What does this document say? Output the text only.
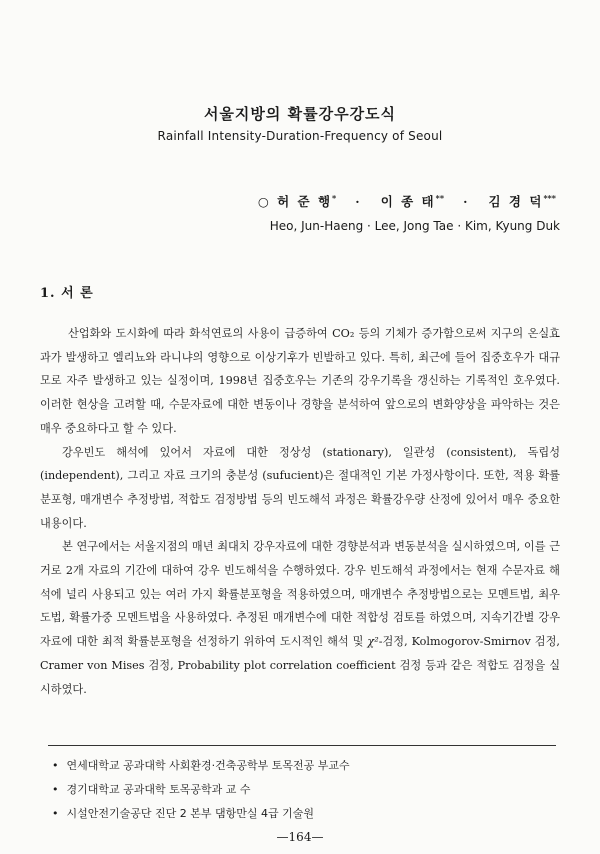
서울지방의 확률강우강도식
Rainfall Intensity-Duration-Frequency of Seoul
○ 허 준 행* · 이 종 태** · 김 경 덕***
Heo, Jun-Haeng · Lee, Jong Tae · Kim, Kyung Duk
1. 서 론

산업화와 도시화에 따라 화석연료의 사용이 급증하여 CO₂ 등의 기체가 증가함으로써 지구의 온실효과가 발생하고 엘리뇨와 라니냐의 영향으로 이상기후가 빈발하고 있다. 특히, 최근에 들어 집중호우가 대규모로 자주 발생하고 있는 실정이며, 1998년 집중호우는 기존의 강우기록을 갱신하는 기록적인 호우였다. 이러한 현상을 고려할 때, 수문자료에 대한 변동이나 경향을 분석하여 앞으로의 변화양상을 파악하는 것은 매우 중요하다고 할 수 있다.

강우빈도 해석에 있어서 자료에 대한 정상성 (stationary), 일관성 (consistent), 독립성 (independent), 그리고 자료 크기의 충분성 (sufucient)은 절대적인 기본 가정사항이다. 또한, 적용 확률분포형, 매개변수 추정방법, 적합도 검정방법 등의 빈도해석 과정은 확률강우량 산정에 있어서 매우 중요한 내용이다.

본 연구에서는 서울지점의 매년 최대치 강우자료에 대한 경향분석과 변동분석을 실시하였으며, 이를 근거로 2개 자료의 기간에 대하여 강우 빈도해석을 수행하였다. 강우 빈도해석 과정에서는 현재 수문자료 해석에 널리 사용되고 있는 여러 가지 확률분포형을 적용하였으며, 매개변수 추정방법으로는 모멘트법, 최우도법, 확률가중 모멘트법을 사용하였다. 추정된 매개변수에 대한 적합성 검토를 하였으며, 지속기간별 강우자료에 대한 최적 확률분포형을 선정하기 위하여 도시적인 해석 및 χ²-검정, Kolmogorov-Smirnov 검정, Cramer von Mises 검정, Probability plot correlation coefficient 검정 등과 같은 적합도 검정을 실시하였다.

• 연세대학교 공과대학 사회환경·건축공학부 토목전공 부교수
• 경기대학교 공과대학 토목공학과 교 수
• 시설안전기술공단 진단 2 본부 댐항만실 4급 기술원
—164—
